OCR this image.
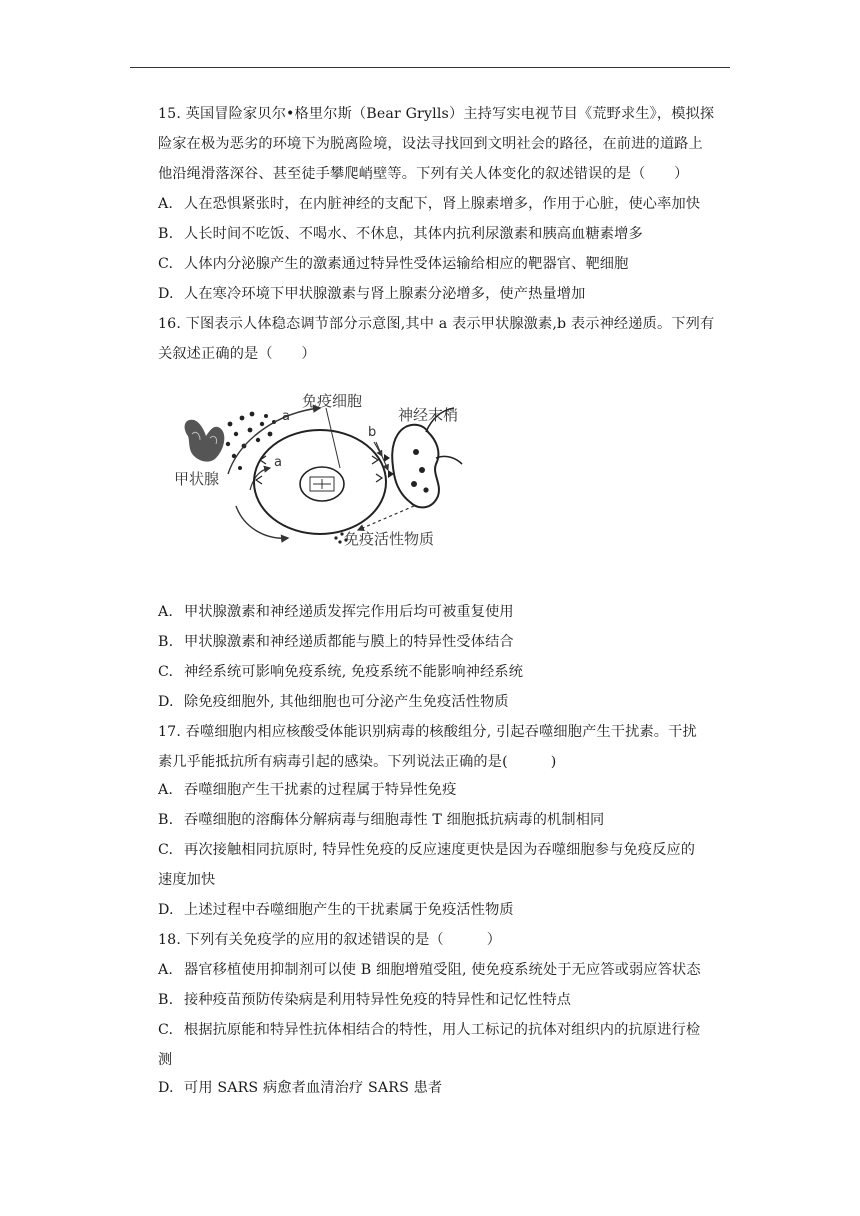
15. 英国冒险家贝尔•格里尔斯（Bear Grylls）主持写实电视节目《荒野求生》，模拟探
险家在极为恶劣的环境下为脱离险境，设法寻找回到文明社会的路径，在前进的道路上
他沿绳滑落深谷、甚至徒手攀爬峭壁等。下列有关人体变化的叙述错误的是（　　）
A. 人在恐惧紧张时，在内脏神经的支配下，肾上腺素增多，作用于心脏，使心率加快
B. 人长时间不吃饭、不喝水、不休息，其体内抗利尿激素和胰高血糖素增多
C. 人体内分泌腺产生的激素通过特异性受体运输给相应的靶器官、靶细胞
D. 人在寒冷环境下甲状腺激素与肾上腺素分泌增多，使产热量增加
16. 下图表示人体稳态调节部分示意图,其中 a 表示甲状腺激素,b 表示神经递质。下列有
关叙述正确的是（　　）
免疫细胞
神经末梢
甲状腺
免疫活性物质
a
a
b
A. 甲状腺激素和神经递质发挥完作用后均可被重复使用
B. 甲状腺激素和神经递质都能与膜上的特异性受体结合
C. 神经系统可影响免疫系统, 免疫系统不能影响神经系统
D. 除免疫细胞外, 其他细胞也可分泌产生免疫活性物质
17. 吞噬细胞内相应核酸受体能识别病毒的核酸组分, 引起吞噬细胞产生干扰素。干扰
素几乎能抵抗所有病毒引起的感染。下列说法正确的是(　　　)
A. 吞噬细胞产生干扰素的过程属于特异性免疫
B. 吞噬细胞的溶酶体分解病毒与细胞毒性 T 细胞抵抗病毒的机制相同
C. 再次接触相同抗原时, 特异性免疫的反应速度更快是因为吞噬细胞参与免疫反应的
速度加快
D. 上述过程中吞噬细胞产生的干扰素属于免疫活性物质
18. 下列有关免疫学的应用的叙述错误的是（　　　）
A. 器官移植使用抑制剂可以使 B 细胞增殖受阻, 使免疫系统处于无应答或弱应答状态
B. 接种疫苗预防传染病是利用特异性免疫的特异性和记忆性特点
C. 根据抗原能和特异性抗体相结合的特性，用人工标记的抗体对组织内的抗原进行检
测
D. 可用 SARS 病愈者血清治疗 SARS 患者
